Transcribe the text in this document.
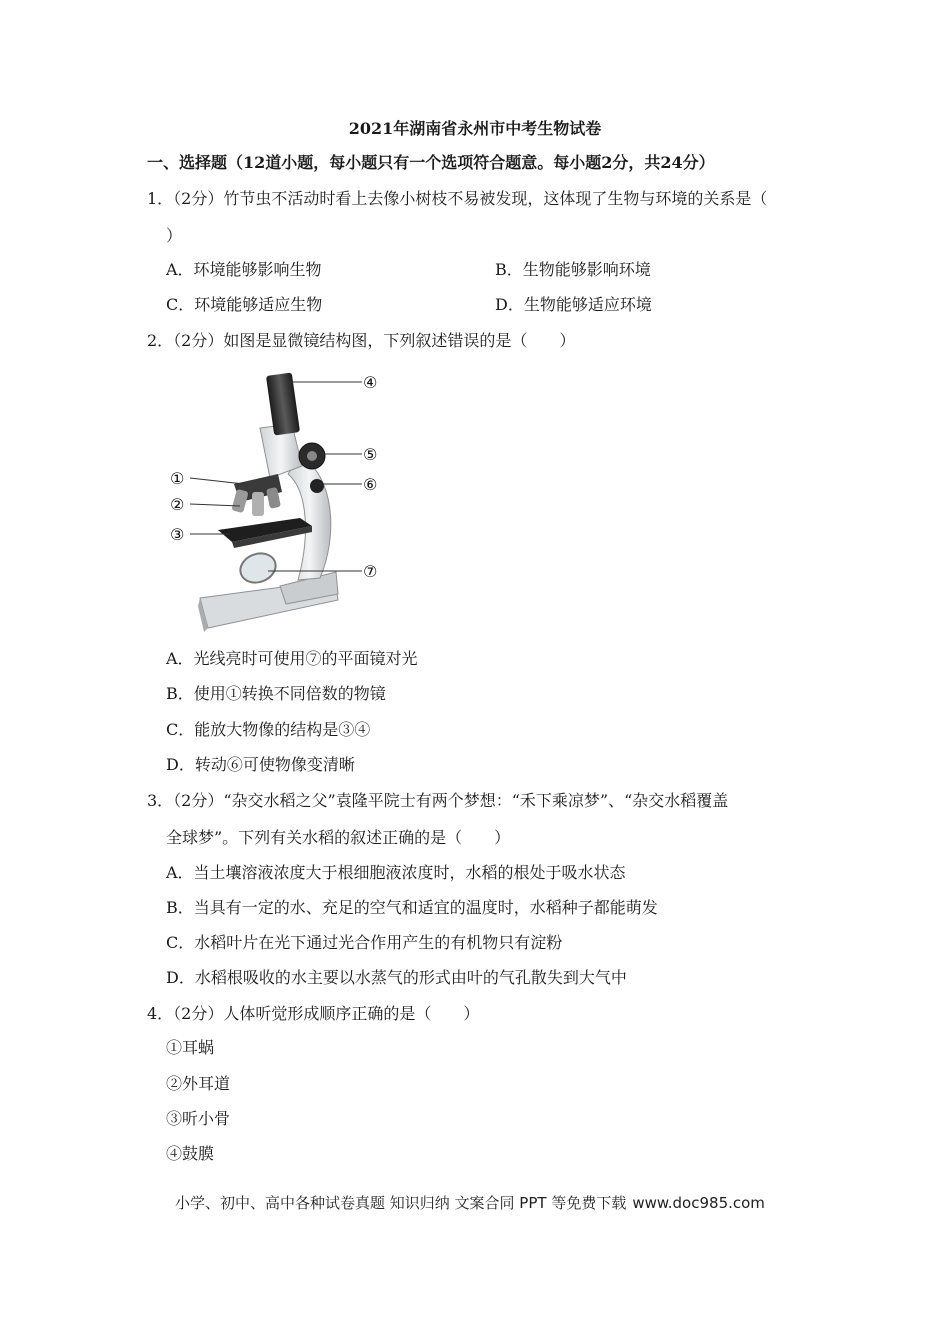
2021年湖南省永州市中考生物试卷
一、选择题（12道小题，每小题只有一个选项符合题意。每小题2分，共24分）
1．（2分）竹节虫不活动时看上去像小树枝不易被发现，这体现了生物与环境的关系是（
）
A．环境能够影响生物	B．生物能够影响环境
C．环境能够适应生物	D．生物能够适应环境
2．（2分）如图是显微镜结构图，下列叙述错误的是（　　）
④
⑤
①	⑥
②
③
⑦
A．光线亮时可使用⑦的平面镜对光
B．使用①转换不同倍数的物镜
C．能放大物像的结构是③④
D．转动⑥可使物像变清晰
3．（2分）“杂交水稻之父”袁隆平院士有两个梦想：“禾下乘凉梦”、“杂交水稻覆盖
全球梦”。下列有关水稻的叙述正确的是（　　）
A．当土壤溶液浓度大于根细胞液浓度时，水稻的根处于吸水状态
B．当具有一定的水、充足的空气和适宜的温度时，水稻种子都能萌发
C．水稻叶片在光下通过光合作用产生的有机物只有淀粉
D．水稻根吸收的水主要以水蒸气的形式由叶的气孔散失到大气中
4．（2分）人体听觉形成顺序正确的是（　　）
①耳蜗
②外耳道
③听小骨
④鼓膜
小学、初中、高中各种试卷真题 知识归纳 文案合同 PPT 等免费下载 www.doc985.com
